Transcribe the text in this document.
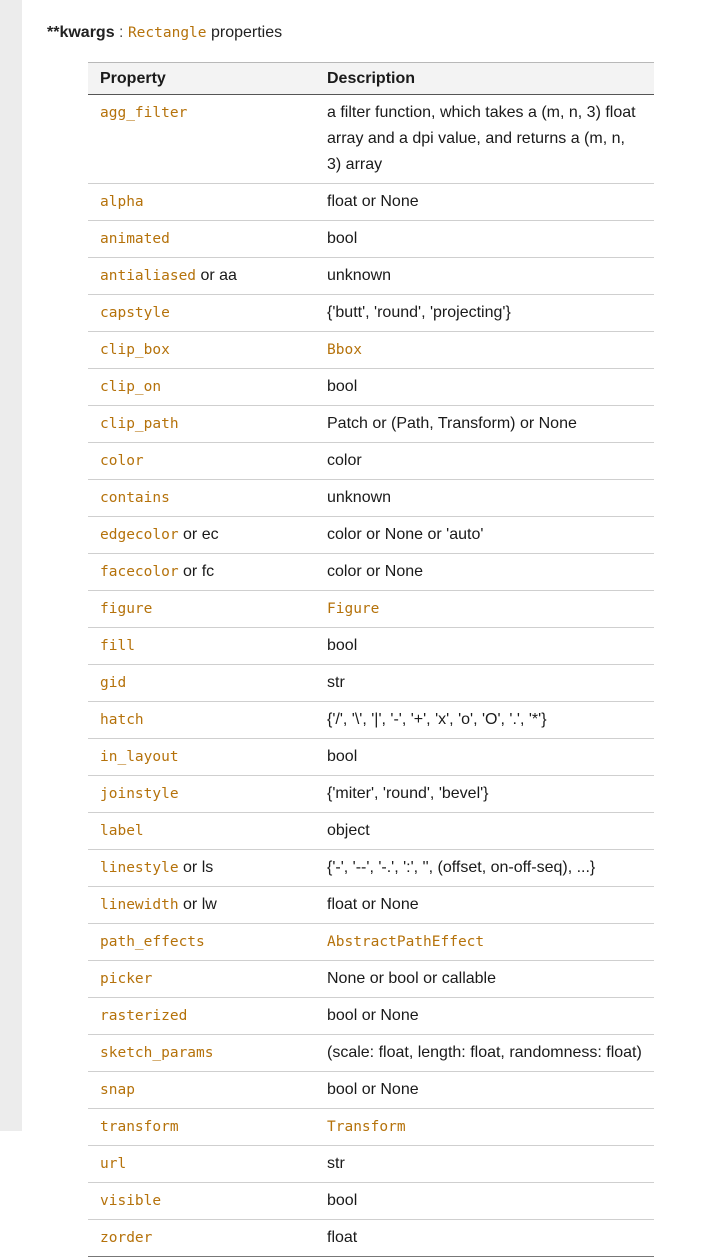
**kwargs : Rectangle properties
Property	Description
agg_filter	a filter function, which takes a (m, n, 3) float array and a dpi value, and returns a (m, n, 3) array
alpha	float or None
animated	bool
antialiased or aa	unknown
capstyle	{'butt', 'round', 'projecting'}
clip_box	Bbox
clip_on	bool
clip_path	Patch or (Path, Transform) or None
color	color
contains	unknown
edgecolor or ec	color or None or 'auto'
facecolor or fc	color or None
figure	Figure
fill	bool
gid	str
hatch	{'/', '\', '|', '-', '+', 'x', 'o', 'O', '.', '*'}
in_layout	bool
joinstyle	{'miter', 'round', 'bevel'}
label	object
linestyle or ls	{'-', '--', '-.', ':', '', (offset, on-off-seq), ...}
linewidth or lw	float or None
path_effects	AbstractPathEffect
picker	None or bool or callable
rasterized	bool or None
sketch_params	(scale: float, length: float, randomness: float)
snap	bool or None
transform	Transform
url	str
visible	bool
zorder	float
